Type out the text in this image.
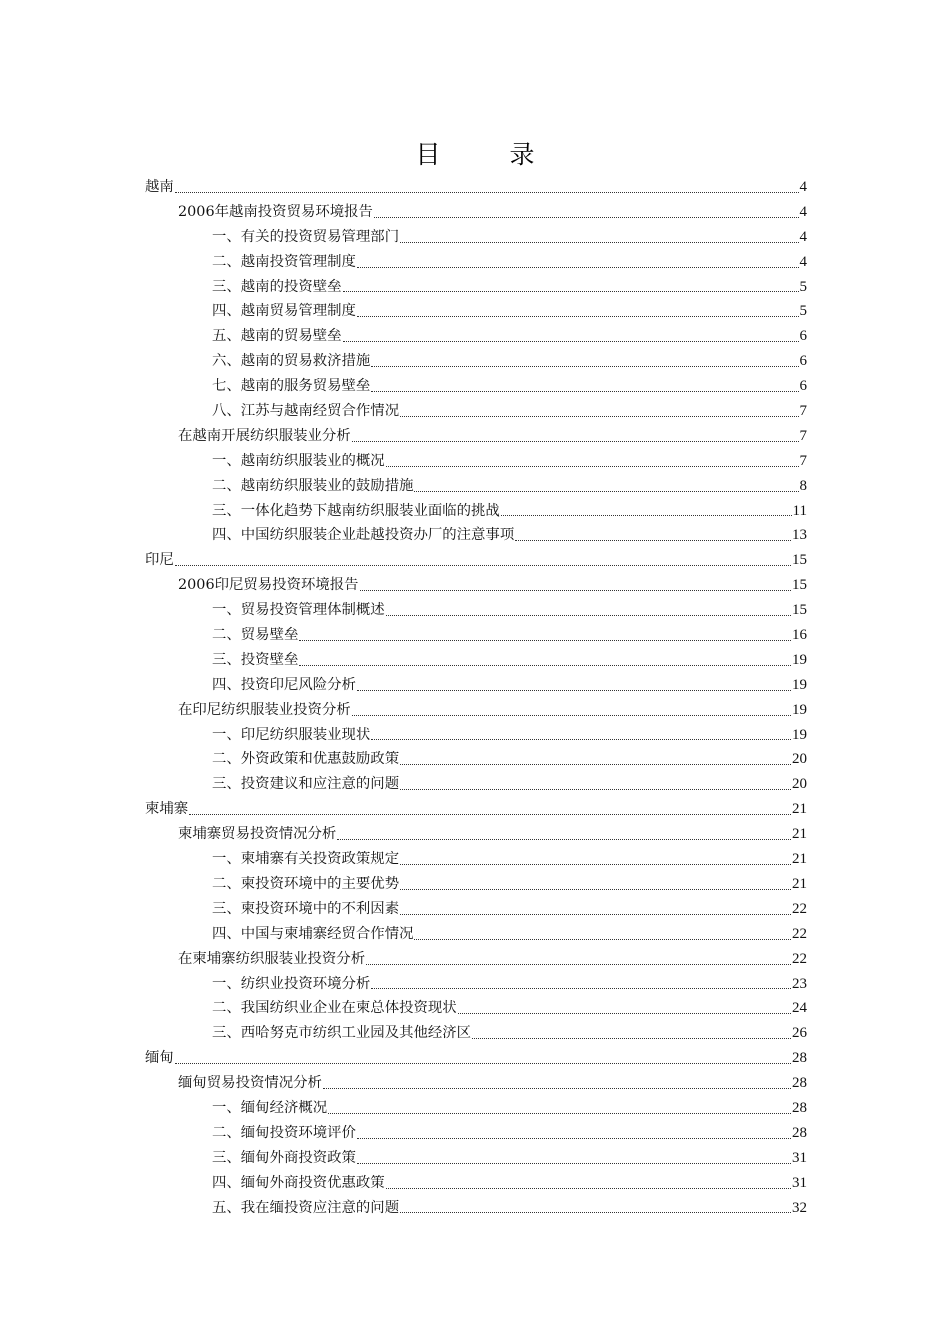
目　录
越南	4
2006年越南投资贸易环境报告	4
一、有关的投资贸易管理部门	4
二、越南投资管理制度	4
三、越南的投资壁垒	5
四、越南贸易管理制度	5
五、越南的贸易壁垒	6
六、越南的贸易救济措施	6
七、越南的服务贸易壁垒	6
八、江苏与越南经贸合作情况	7
在越南开展纺织服装业分析	7
一、越南纺织服装业的概况	7
二、越南纺织服装业的鼓励措施	8
三、一体化趋势下越南纺织服装业面临的挑战	11
四、中国纺织服装企业赴越投资办厂的注意事项	13
印尼	15
2006印尼贸易投资环境报告	15
一、贸易投资管理体制概述	15
二、贸易壁垒	16
三、投资壁垒	19
四、投资印尼风险分析	19
在印尼纺织服装业投资分析	19
一、印尼纺织服装业现状	19
二、外资政策和优惠鼓励政策	20
三、投资建议和应注意的问题	20
柬埔寨	21
柬埔寨贸易投资情况分析	21
一、柬埔寨有关投资政策规定	21
二、柬投资环境中的主要优势	21
三、柬投资环境中的不利因素	22
四、中国与柬埔寨经贸合作情况	22
在柬埔寨纺织服装业投资分析	22
一、纺织业投资环境分析	23
二、我国纺织业企业在柬总体投资现状	24
三、西哈努克市纺织工业园及其他经济区	26
缅甸	28
缅甸贸易投资情况分析	28
一、缅甸经济概况	28
二、缅甸投资环境评价	28
三、缅甸外商投资政策	31
四、缅甸外商投资优惠政策	31
五、我在缅投资应注意的问题	32
